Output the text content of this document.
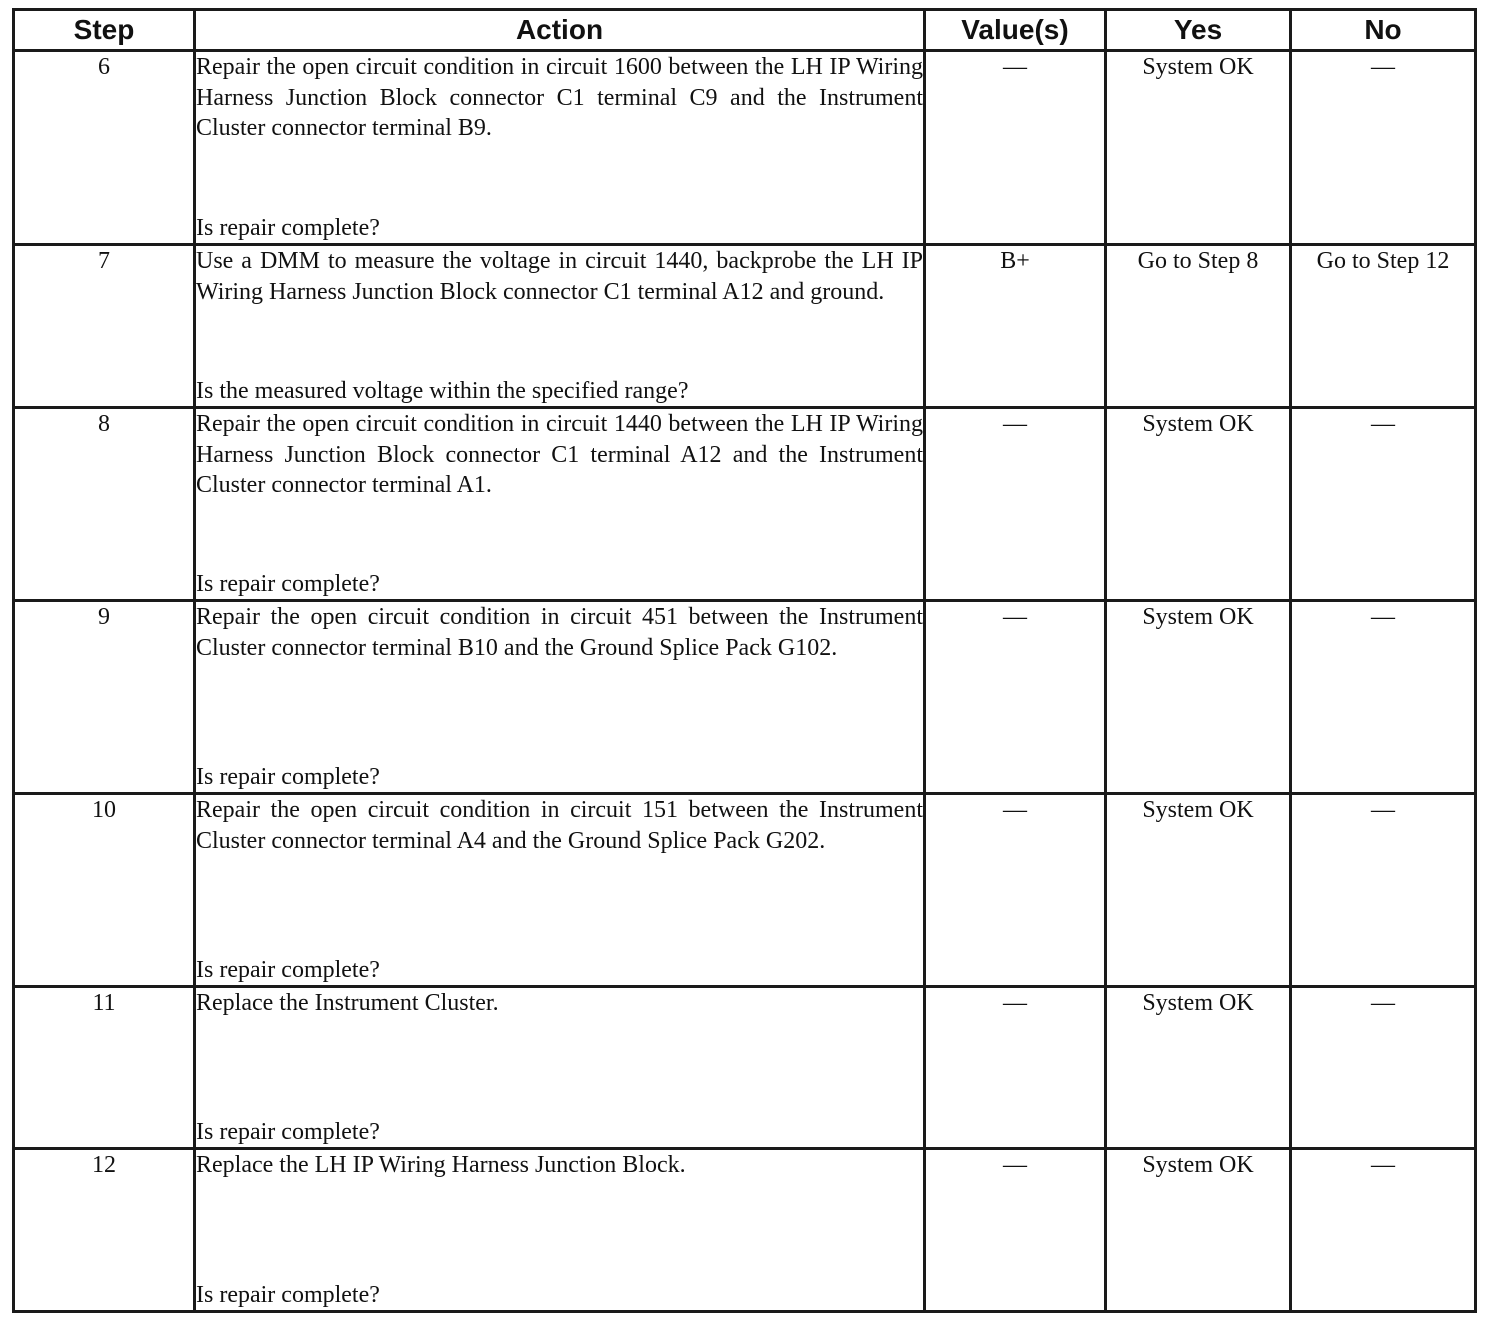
Step	Action	Value(s)	Yes	No
6	Repair the open circuit condition in circuit 1600 between the LH IP Wiring Harness Junction Block connector C1 terminal C9 and the Instrument Cluster connector terminal B9.
Is repair complete?	—	System OK	—
7	Use a DMM to measure the voltage in circuit 1440, backprobe the LH IP Wiring Harness Junction Block connector C1 terminal A12 and ground.
Is the measured voltage within the specified range?	B+	Go to Step 8	Go to Step 12
8	Repair the open circuit condition in circuit 1440 between the LH IP Wiring Harness Junction Block connector C1 terminal A12 and the Instrument Cluster connector terminal A1.
Is repair complete?	—	System OK	—
9	Repair the open circuit condition in circuit 451 between the Instrument Cluster connector terminal B10 and the Ground Splice Pack G102.
Is repair complete?	—	System OK	—
10	Repair the open circuit condition in circuit 151 between the Instrument Cluster connector terminal A4 and the Ground Splice Pack G202.
Is repair complete?	—	System OK	—
11	Replace the Instrument Cluster.
Is repair complete?	—	System OK	—
12	Replace the LH IP Wiring Harness Junction Block.
Is repair complete?	—	System OK	—
